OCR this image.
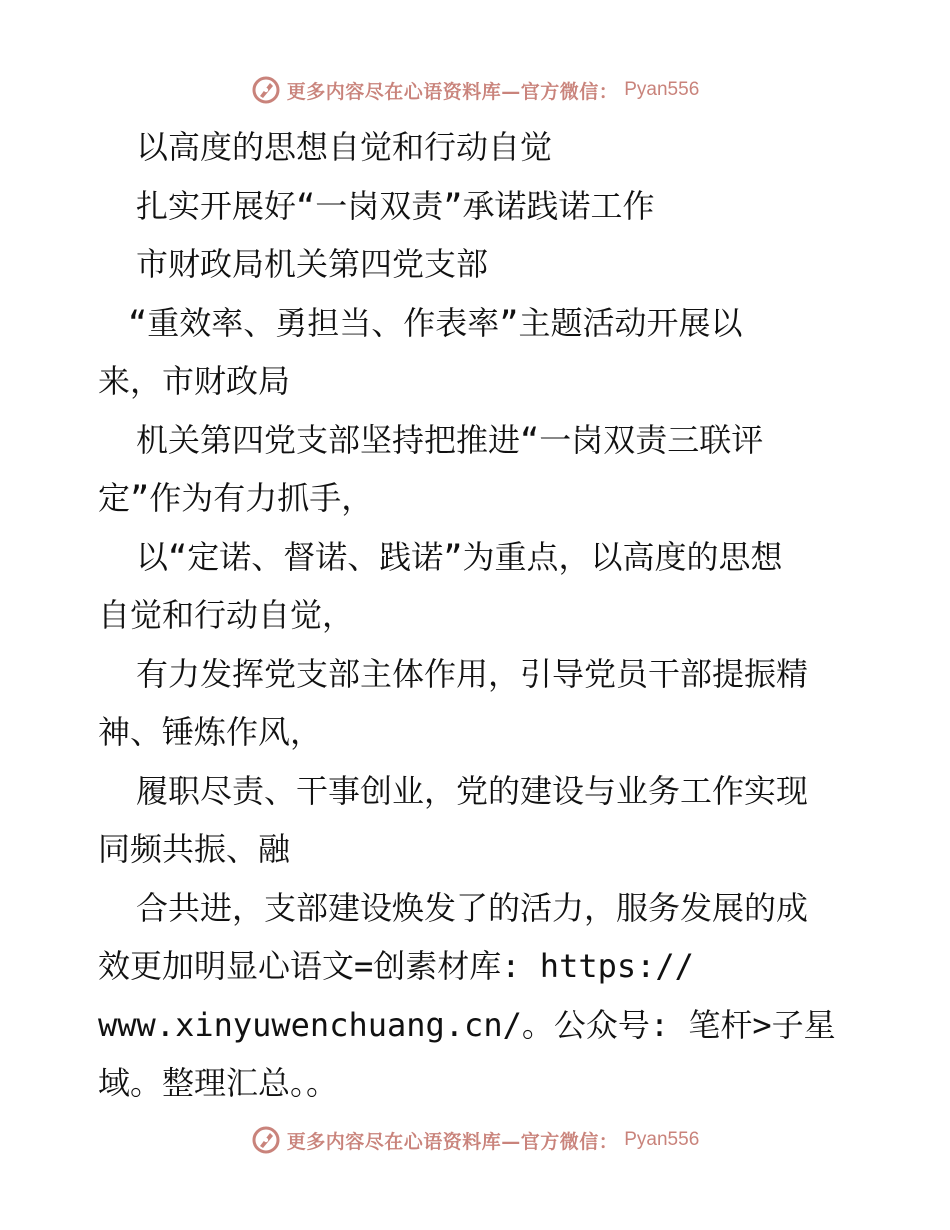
更多内容尽在心语资料库—官方微信： Pyan556
以高度的思想自觉和行动自觉
扎实开展好“一岗双责”承诺践诺工作
市财政局机关第四党支部
“重效率、勇担当、作表率”主题活动开展以
来，市财政局
机关第四党支部坚持把推进“一岗双责三联评
定”作为有力抓手，
以“定诺、督诺、践诺”为重点，以高度的思想
自觉和行动自觉，
有力发挥党支部主体作用，引导党员干部提振精
神、锤炼作风，
履职尽责、干事创业，党的建设与业务工作实现
同频共振、融
合共进，支部建设焕发了的活力，服务发展的成
效更加明显心语文=创素材库: https://
www.xinyuwenchuang.cn/。公众号: 笔杆>子星
域。整理汇总。。
更多内容尽在心语资料库—官方微信： Pyan556
